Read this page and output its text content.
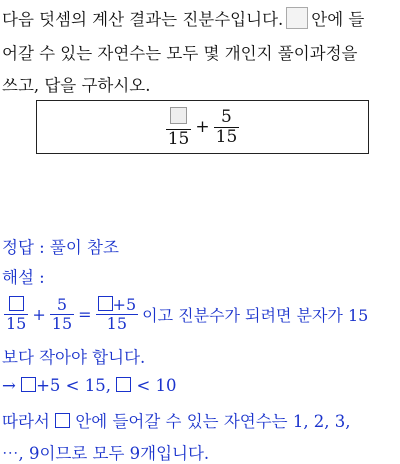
다음 덧셈의 계산 결과는 진분수입니다. 안에 들
어갈 수 있는 자연수는 모두 몇 개인지 풀이과정을
쓰고, 답을 구하시오.
15
+ $\frac{5}{15}$
정답 : 풀이 참조
해설 :
$15 + \frac{5}{15} = \frac{+5}{15}$ 이고 진분수가 되려면 분자가 15
보다 작아야 합니다.
→ +5 < 15, < 10
따라서 안에 들어갈 수 있는 자연수는 1, 2, 3,
⋯, 9이므로 모두 9개입니다.
